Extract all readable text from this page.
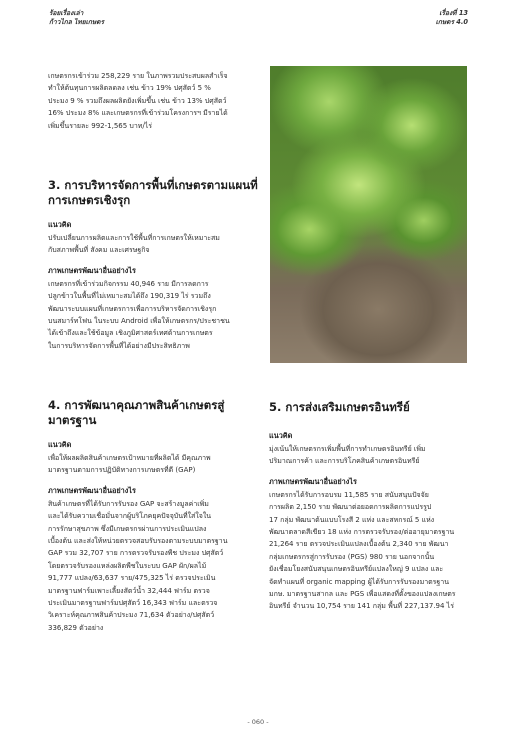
ร้อยเรื่องเล่า
ก้าวไกล ไทยเกษตร
เรื่องที่ 13
เกษตร 4.0

เกษตรกรเข้าร่วม 258,229 ราย ในภาพรวมประสบผลสำเร็จ

ทำให้ต้นทุนการผลิตลดลง เช่น ข้าว 19% ปศุสัตว์ 5 %

ประมง 9 % รวมถึงผลผลิตยังเพิ่มขึ้น เช่น ข้าว 13% ปศุสัตว์

16% ประมง 8% และเกษตรกรที่เข้าร่วมโครงการฯ มีรายได้

เพิ่มขึ้นรายละ 992-1,565 บาท/ไร่

3. การบริหารจัดการพื้นที่เกษตรตามแผนที่

การเกษตรเชิงรุก

แนวคิด

ปรับเปลี่ยนการผลิตและการใช้พื้นที่การเกษตรให้เหมาะสม

กับสภาพพื้นที่ สังคม และเศรษฐกิจ

ภาพเกษตรพัฒนาอื่นอย่างไร

เกษตรกรที่เข้าร่วมกิจกรรม 40,946 ราย มีการลดการ

ปลูกข้าวในพื้นที่ไม่เหมาะสมได้ถึง 190,319 ไร่ รวมถึง

พัฒนาระบบแผนที่เกษตรการเพื่อการบริหารจัดการเชิงรุก

บนสมาร์ทโฟน ในระบบ Android เพื่อให้เกษตรกร/ประชาชน

ได้เข้าถึงและใช้ข้อมูล เชิงภูมิศาสตร์เทศด้านการเกษตร

ในการบริหารจัดการพื้นที่ได้อย่างมีประสิทธิภาพ

4. การพัฒนาคุณภาพสินค้าเกษตรสู่

มาตรฐาน

แนวคิด

เพื่อให้ผลผลิตสินค้าเกษตรเป้าหมายที่ผลิตได้ มีคุณภาพ

มาตรฐานตามการปฏิบัติทางการเกษตรที่ดี (GAP)

ภาพเกษตรพัฒนาอื่นอย่างไร

สินค้าเกษตรที่ได้รับการรับรอง GAP จะสร้างมูลค่าเพิ่ม

และได้รับความเชื่อมั่นจากผู้บริโภคยุคปัจจุบันที่ใส่ใจใน

การรักษาสุขภาพ ซึ่งมีเกษตรกรผ่านการประเมินแปลง

เบื้องต้น และส่งให้หน่วยตรวจสอบรับรองตามระบบมาตรฐาน

GAP รวม 32,707 ราย การตรวจรับรองพืช ประมง ปศุสัตว์

โดยตรวจรับรองแหล่งผลิตพืชในระบบ GAP ผัก/ผลไม้

91,777 แปลง/63,637 ราย/475,325 ไร่ ตรวจประเมิน

มาตรฐานฟาร์มเพาะเลี้ยงสัตว์น้ำ 32,444 ฟาร์ม ตรวจ

ประเมินมาตรฐานฟาร์มปศุสัตว์ 16,343 ฟาร์ม และตรวจ

วิเคราะห์คุณภาพสินค้าประมง 71,634 ตัวอย่าง/ปศุสัตว์

336,829 ตัวอย่าง

5. การส่งเสริมเกษตรอินทรีย์

แนวคิด

มุ่งเน้นให้เกษตรกรเพิ่มพื้นที่การทำเกษตรอินทรีย์ เพิ่ม

ปริมาณการค้า และการบริโภคสินค้าเกษตรอินทรีย์

ภาพเกษตรพัฒนาอื่นอย่างไร

เกษตรกรได้รับการอบรม 11,585 ราย สนับสนุนปัจจัย

การผลิต 2,150 ราย พัฒนาต่อยอดการผลิตการแปรรูป

17 กลุ่ม พัฒนาต้นแบบโรงสี 2 แห่ง และสหกรณ์ 5 แห่ง

พัฒนาตลาดสีเขียว 18 แห่ง การตรวจรับรอง/ต่ออายุมาตรฐาน

21,264 ราย ตรวจประเมินแปลงเบื้องต้น 2,340 ราย พัฒนา

กลุ่มเกษตรกรสู่การรับรอง (PGS) 980 ราย นอกจากนั้น

ยังเชื่อมโยงสนับสนุนเกษตรอินทรีย์แปลงใหญ่ 9 แปลง และ

จัดทำแผนที่ organic mapping ผู้ได้รับการรับรองมาตรฐาน

มกษ. มาตรฐานสากล และ PGS เพื่อแสดงที่ตั้งของแปลงเกษตร

อินทรีย์ จำนวน 10,754 ราย 141 กลุ่ม พื้นที่ 227,137.94 ไร่

- 060 -
